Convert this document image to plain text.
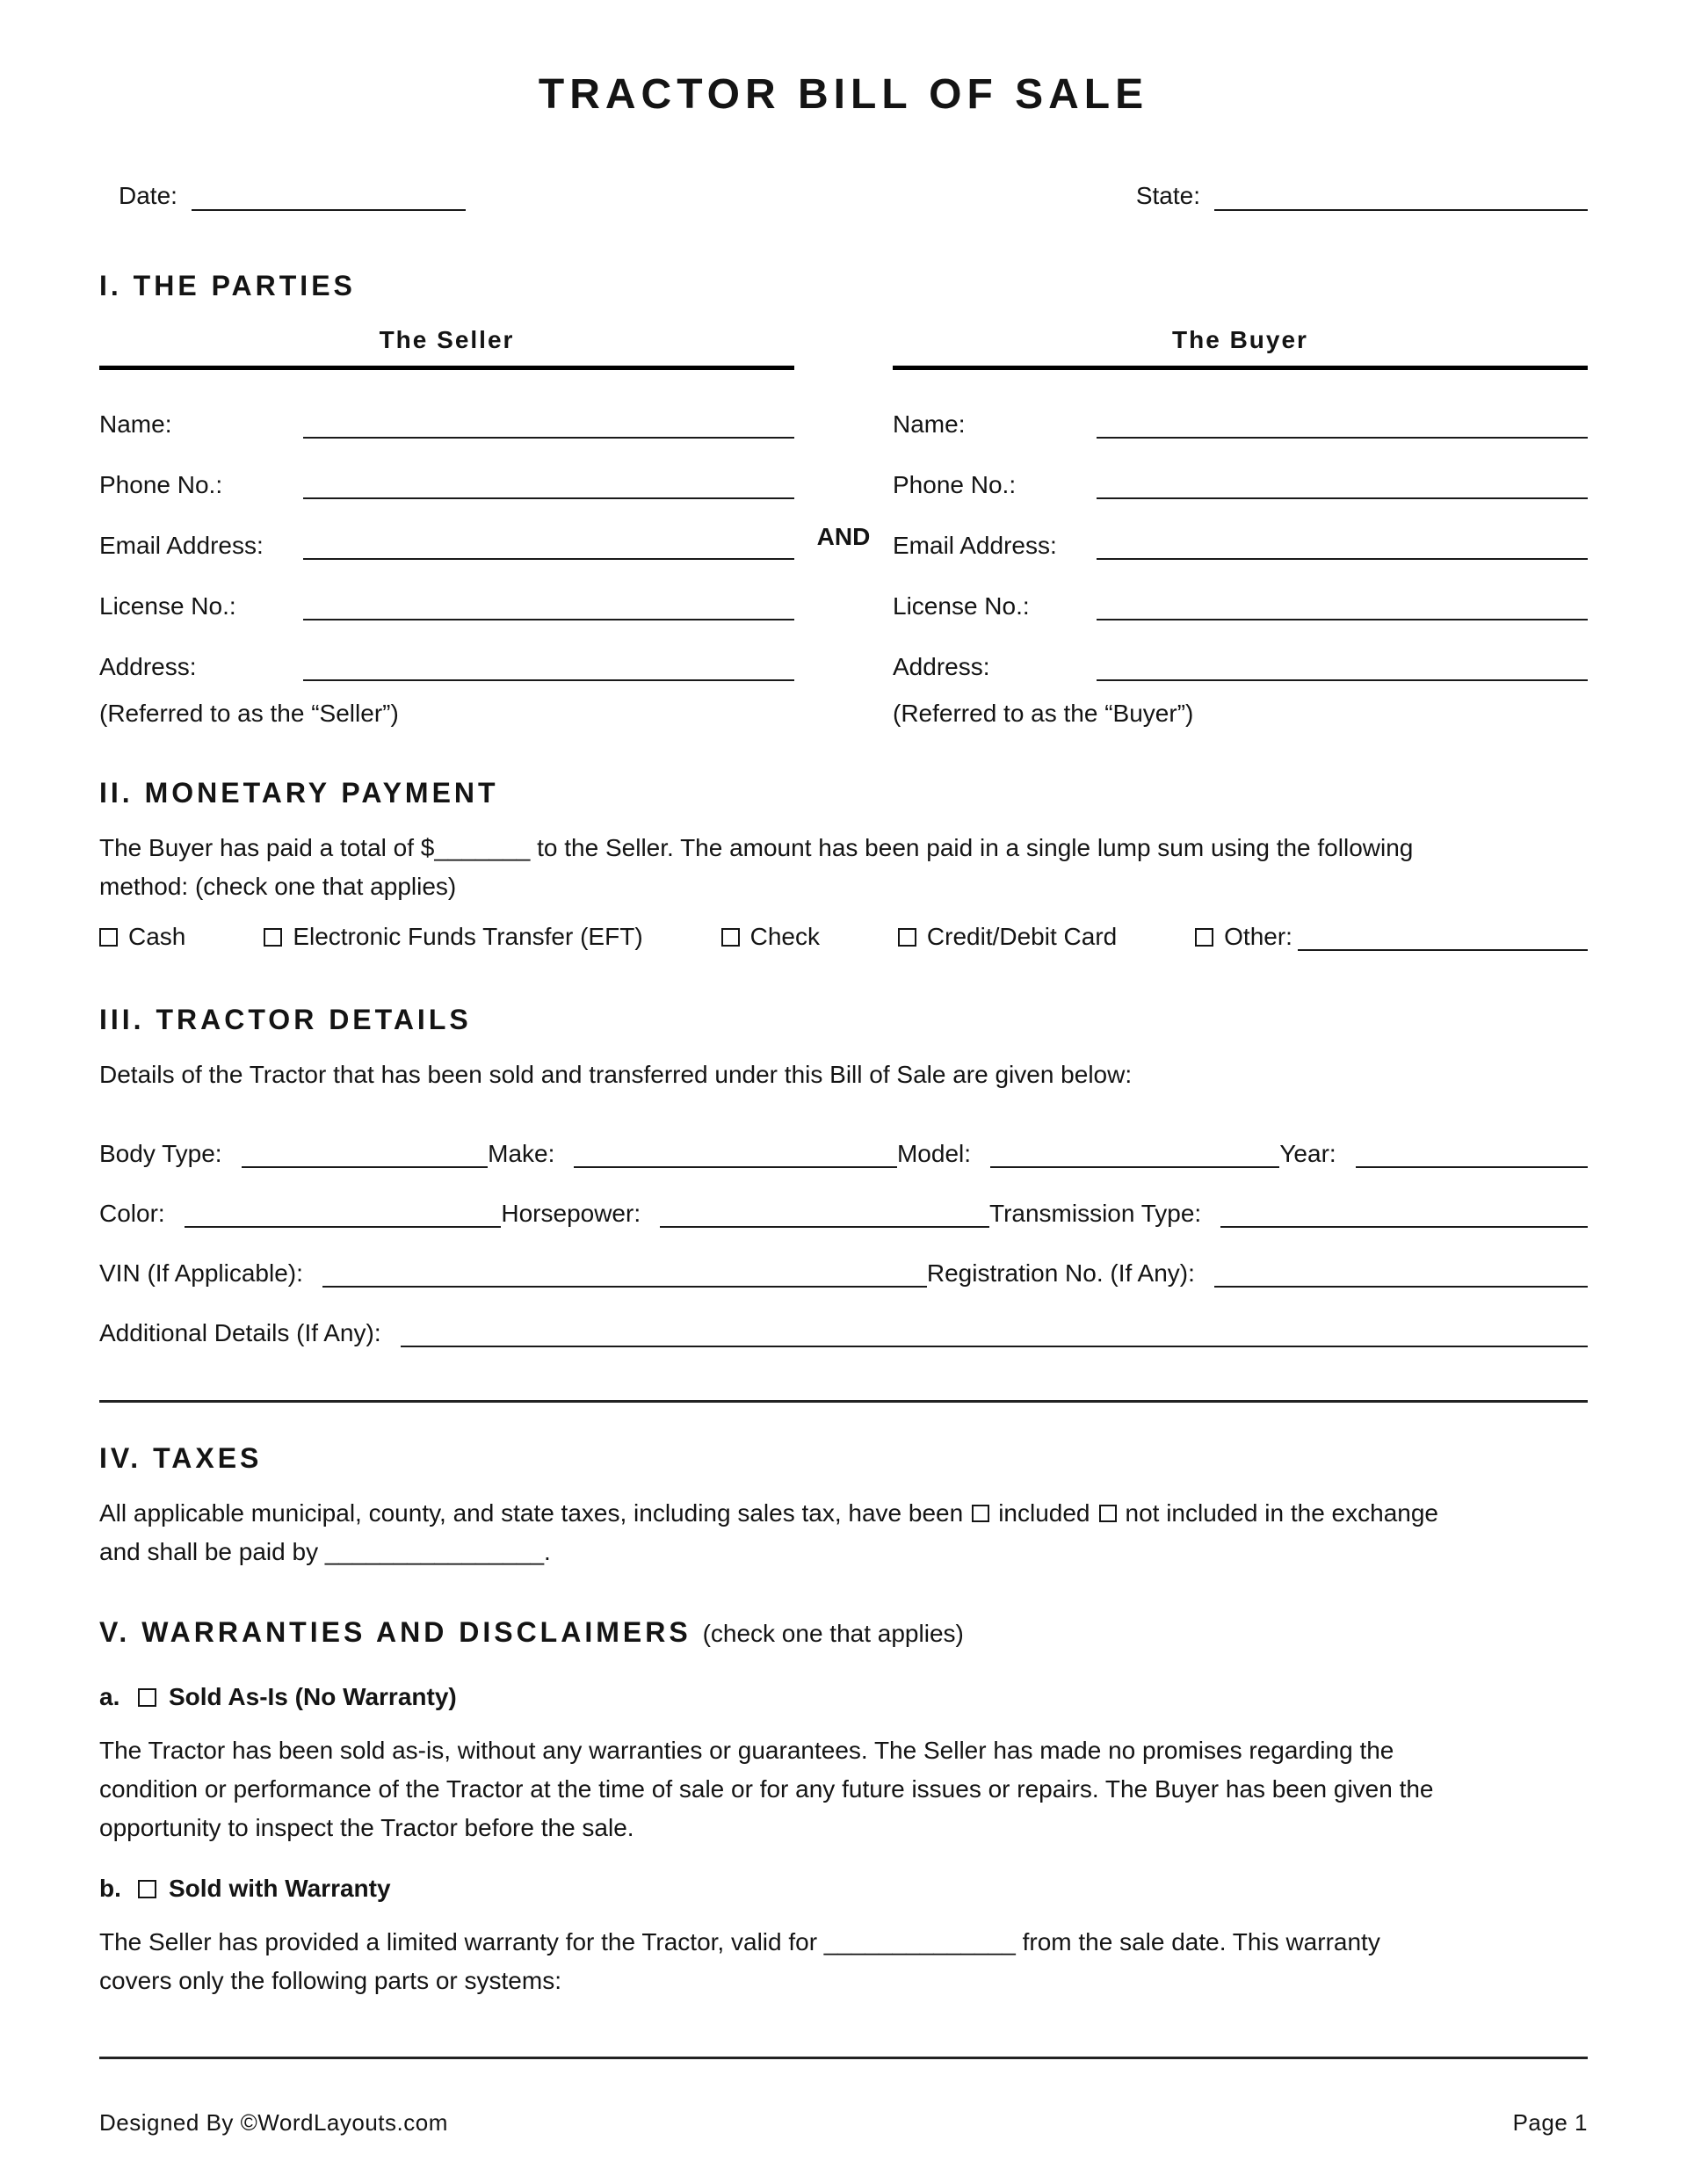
TRACTOR BILL OF SALE
Date:	State:
I. THE PARTIES
The Seller
Name:
Phone No.:
Email Address:
License No.:
Address:
(Referred to as the “Seller”)
AND
The Buyer
Name:
Phone No.:
Email Address:
License No.:
Address:
(Referred to as the “Buyer”)
II. MONETARY PAYMENT
The Buyer has paid a total of $_______ to the Seller. The amount has been paid in a single lump sum using the following
method: (check one that applies)
Cash	Electronic Funds Transfer (EFT)	Check	Credit/Debit Card	Other:
III. TRACTOR DETAILS
Details of the Tractor that has been sold and transferred under this Bill of Sale are given below:
Body Type:	Make:	Model:	Year:
Color:	Horsepower:	Transmission Type:
VIN (If Applicable):	Registration No. (If Any):
Additional Details (If Any):
IV. TAXES
All applicable municipal, county, and state taxes, including sales tax, have been included not included in the exchange
and shall be paid by ________________.
V. WARRANTIES AND DISCLAIMERS (check one that applies)
a.	Sold As-Is (No Warranty)
The Tractor has been sold as-is, without any warranties or guarantees. The Seller has made no promises regarding the
condition or performance of the Tractor at the time of sale or for any future issues or repairs. The Buyer has been given the
opportunity to inspect the Tractor before the sale.
b.	Sold with Warranty
The Seller has provided a limited warranty for the Tractor, valid for ______________ from the sale date. This warranty
covers only the following parts or systems:
Designed By ©WordLayouts.com	Page 1
